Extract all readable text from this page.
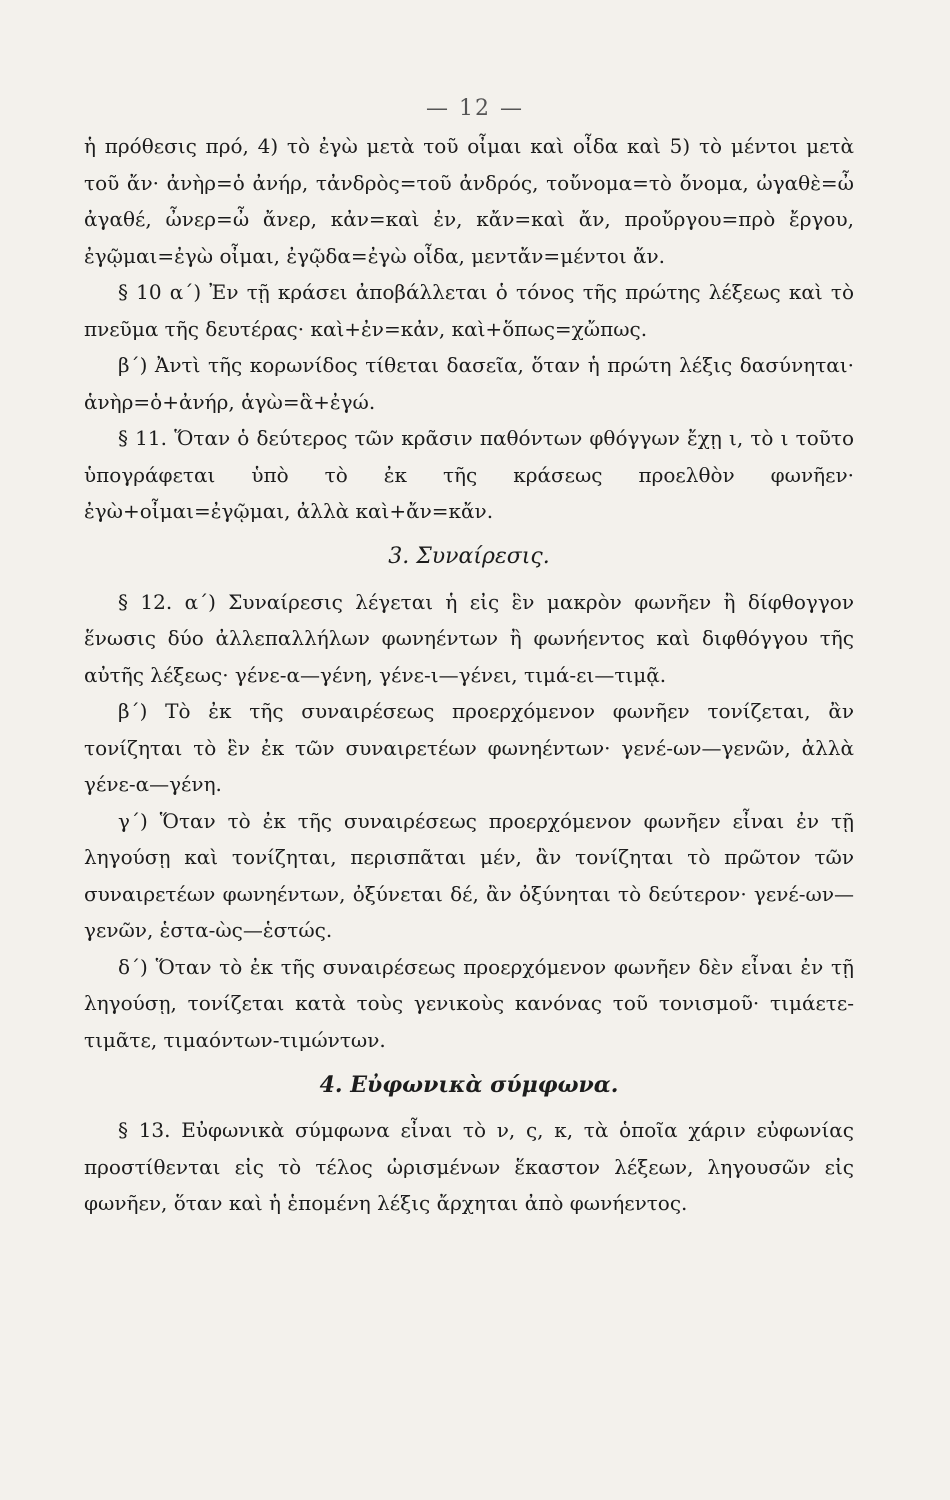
— 12 —

ἡ πρόθεσις πρό, 4) τὸ ἐγὼ μετὰ τοῦ οἶμαι καὶ οἶδα καὶ 5) τὸ μέντοι μετὰ τοῦ ἄν· ἀνὴρ=ὁ ἀνήρ, τἀνδρὸς=τοῦ ἀνδρός, τοὔνομα=τὸ ὄνομα, ὠγαθὲ=ὦ ἀγαθέ, ὦνερ=ὦ ἄνερ, κἀν=καὶ ἐν, κἄν=καὶ ἄν, προὔργου=πρὸ ἔργου, ἐγῷμαι=ἐγὼ οἶμαι, ἐγῷδα=ἐγὼ οἶδα, μεντἄν=μέντοι ἄν.

§ 10 α΄) Ἐν τῇ κράσει ἀποβάλλεται ὁ τόνος τῆς πρώτης λέξεως καὶ τὸ πνεῦμα τῆς δευτέρας· καὶ+ἐν=κἀν, καὶ+ὅπως=χὤπως.

β΄) Ἀντὶ τῆς κορωνίδος τίθεται δασεῖα, ὅταν ἡ πρώτη λέξις δασύνηται· ἁνὴρ=ὁ+ἀνήρ, ἁγὼ=ἃ+ἐγώ.

§ 11. Ὅταν ὁ δεύτερος τῶν κρᾶσιν παθόντων φθόγγων ἔχῃ ι, τὸ ι τοῦτο ὑπογράφεται ὑπὸ τὸ ἐκ τῆς κράσεως προελθὸν φωνῆεν· ἐγὼ+οἶμαι=ἐγῷμαι, ἀλλὰ καὶ+ἄν=κἄν.

3. Συναίρεσις.

§ 12. α΄) Συναίρεσις λέγεται ἡ εἰς ἓν μακρὸν φωνῆεν ἢ δίφθογγον ἕνωσις δύο ἀλλεπαλλήλων φωνηέντων ἢ φωνήεντος καὶ διφθόγγου τῆς αὐτῆς λέξεως· γένε-α—γένη, γένε-ι—γένει, τιμά-ει—τιμᾷ.

β΄) Τὸ ἐκ τῆς συναιρέσεως προερχόμενον φωνῆεν τονίζεται, ἂν τονίζηται τὸ ἓν ἐκ τῶν συναιρετέων φωνηέντων· γενέ-ων—γενῶν, ἀλλὰ γένε-α—γένη.

γ΄) Ὅταν τὸ ἐκ τῆς συναιρέσεως προερχόμενον φωνῆεν εἶναι ἐν τῇ ληγούσῃ καὶ τονίζηται, περισπᾶται μέν, ἂν τονίζηται τὸ πρῶτον τῶν συναιρετέων φωνηέντων, ὀξύνεται δέ, ἂν ὀξύνηται τὸ δεύτερον· γενέ-ων—γενῶν, ἑστα-ὼς—ἑστώς.

δ΄) Ὅταν τὸ ἐκ τῆς συναιρέσεως προερχόμενον φωνῆεν δὲν εἶναι ἐν τῇ ληγούσῃ, τονίζεται κατὰ τοὺς γενικοὺς κανόνας τοῦ τονισμοῦ· τιμάετε-τιμᾶτε, τιμαόντων-τιμώντων.

4. Εὐφωνικὰ σύμφωνα.

§ 13. Εὐφωνικὰ σύμφωνα εἶναι τὸ ν, ς, κ, τὰ ὁποῖα χάριν εὐφωνίας προστίθενται εἰς τὸ τέλος ὡρισμένων ἕκαστον λέξεων, ληγουσῶν εἰς φωνῆεν, ὅταν καὶ ἡ ἑπομένη λέξις ἄρχηται ἀπὸ φωνήεντος.
